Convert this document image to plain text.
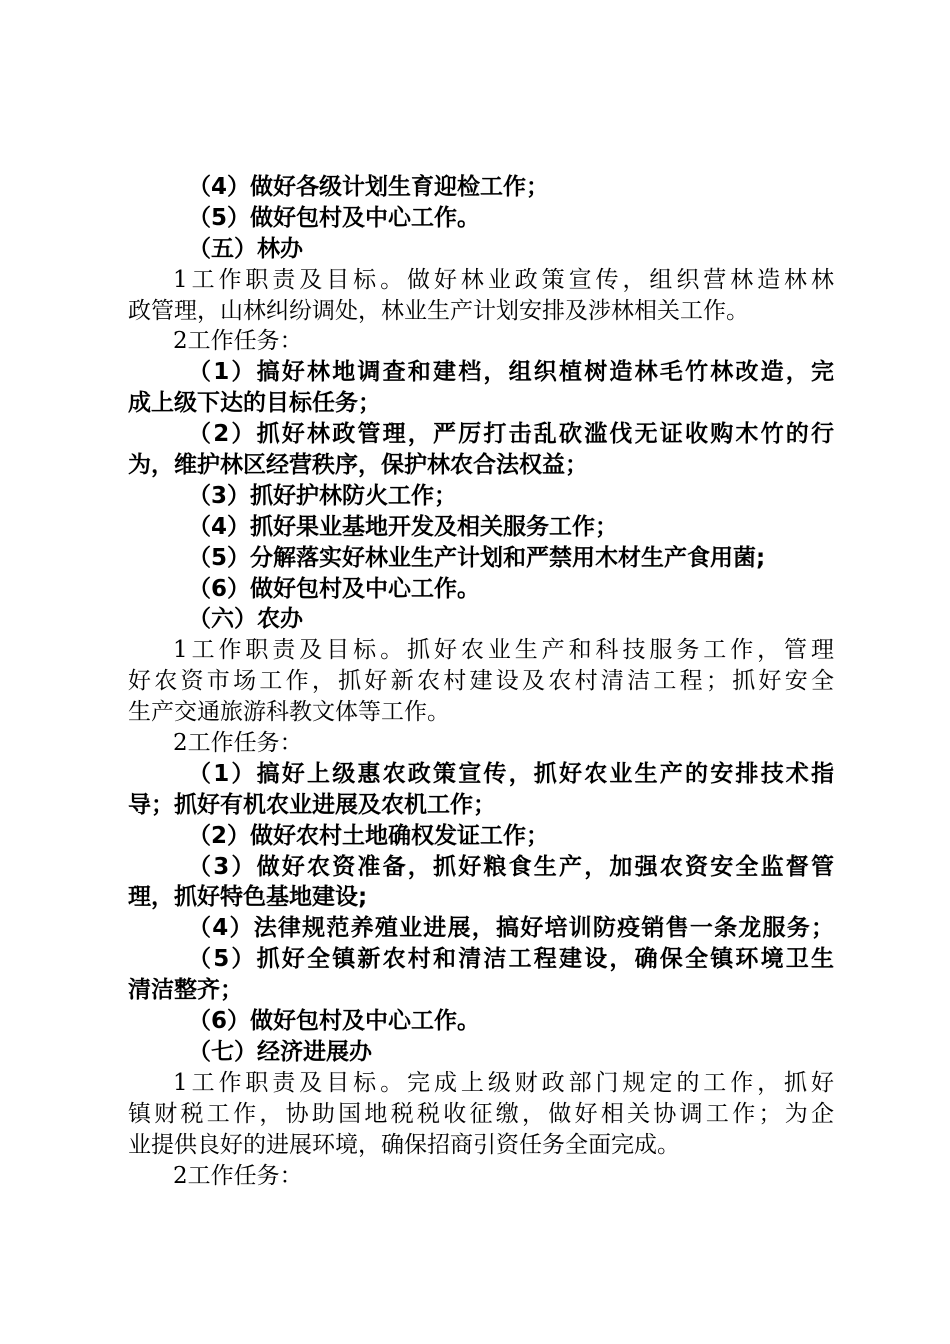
（4）做好各级计划生育迎检工作；
（5）做好包村及中心工作。
（五）林办
1工作职责及目标。做好林业政策宣传，组织营林造林林
政管理，山林纠纷调处，林业生产计划安排及涉林相关工作。
2工作任务：
（1）搞好林地调查和建档，组织植树造林毛竹林改造，完
成上级下达的目标任务；
（2）抓好林政管理，严厉打击乱砍滥伐无证收购木竹的行
为，维护林区经营秩序，保护林农合法权益；
（3）抓好护林防火工作；
（4）抓好果业基地开发及相关服务工作；
（5）分解落实好林业生产计划和严禁用木材生产食用菌;
（6）做好包村及中心工作。
（六）农办
1工作职责及目标。抓好农业生产和科技服务工作，管理
好农资市场工作，抓好新农村建设及农村清洁工程；抓好安全
生产交通旅游科教文体等工作。
2工作任务：
（1）搞好上级惠农政策宣传，抓好农业生产的安排技术指
导；抓好有机农业进展及农机工作；
（2）做好农村土地确权发证工作；
（3）做好农资准备，抓好粮食生产，加强农资安全监督管
理，抓好特色基地建设;
（4）法律规范养殖业进展，搞好培训防疫销售一条龙服务；
（5）抓好全镇新农村和清洁工程建设，确保全镇环境卫生
清洁整齐；
（6）做好包村及中心工作。
（七）经济进展办
1工作职责及目标。完成上级财政部门规定的工作，抓好
镇财税工作，协助国地税税收征缴，做好相关协调工作；为企
业提供良好的进展环境，确保招商引资任务全面完成。
2工作任务：
